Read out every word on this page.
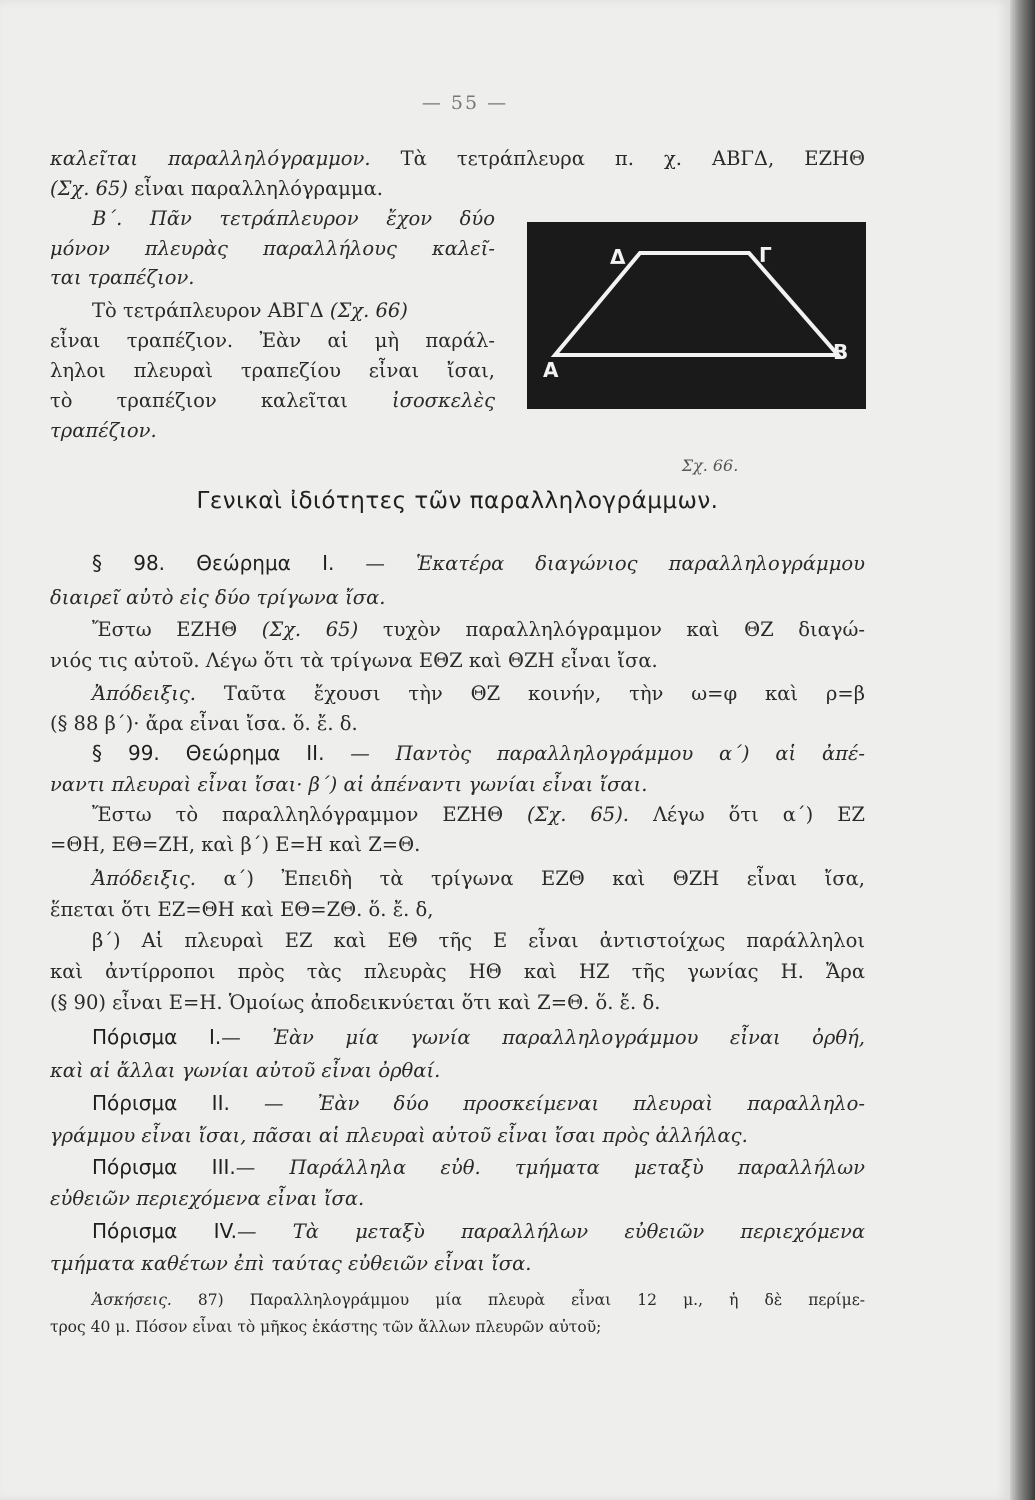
— 55 —
καλεῖται παραλληλόγραμμον. Τὰ τετράπλευρα π. χ. ΑΒΓΔ, ΕΖΗΘ
(Σχ. 65) εἶναι παραλληλόγραμμα.
Β΄. Πᾶν τετράπλευρον ἔχον δύο
μόνον πλευρὰς παραλλήλους καλεῖ-
ται τραπέζιον.
Τὸ τετράπλευρον ΑΒΓΔ (Σχ. 66)
εἶναι τραπέζιον. Ἐὰν αἱ μὴ παράλ-
ληλοι πλευραὶ τραπεζίου εἶναι ἴσαι,
τὸ τραπέζιον καλεῖται ἰσοσκελὲς
τραπέζιον.
Α
Β
Γ
Δ
Σχ. 66.
Γενικαὶ ἰδιότητες τῶν παραλληλογράμμων.
§ 98. Θεώρημα Ι. — Ἑκατέρα διαγώνιος παραλληλογράμμου
διαιρεῖ αὐτὸ εἰς δύο τρίγωνα ἴσα.
Ἔστω ΕΖΗΘ (Σχ. 65) τυχὸν παραλληλόγραμμον καὶ ΘΖ διαγώ-
νιός τις αὐτοῦ. Λέγω ὅτι τὰ τρίγωνα ΕΘΖ καὶ ΘΖΗ εἶναι ἴσα.
Ἀπόδειξις. Ταῦτα ἔχουσι τὴν ΘΖ κοινήν, τὴν ω=φ καὶ ρ=β
(§ 88 β΄)· ἄρα εἶναι ἴσα. ὅ. ἔ. δ.
§ 99. Θεώρημα ΙΙ. — Παντὸς παραλληλογράμμου α΄) αἱ ἀπέ-
ναντι πλευραὶ εἶναι ἴσαι· β΄) αἱ ἀπέναντι γωνίαι εἶναι ἴσαι.
Ἔστω τὸ παραλληλόγραμμον ΕΖΗΘ (Σχ. 65). Λέγω ὅτι α΄) ΕΖ
=ΘΗ, ΕΘ=ΖΗ, καὶ β΄) Ε=Η καὶ Ζ=Θ.
Ἀπόδειξις. α΄) Ἐπειδὴ τὰ τρίγωνα ΕΖΘ καὶ ΘΖΗ εἶναι ἴσα,
ἕπεται ὅτι ΕΖ=ΘΗ καὶ ΕΘ=ΖΘ. ὅ. ἔ. δ,
β΄) Αἱ πλευραὶ ΕΖ καὶ ΕΘ τῆς Ε εἶναι ἀντιστοίχως παράλληλοι
καὶ ἀντίρροποι πρὸς τὰς πλευρὰς ΗΘ καὶ ΗΖ τῆς γωνίας Η. Ἄρα
(§ 90) εἶναι Ε=Η. Ὁμοίως ἀποδεικνύεται ὅτι καὶ Ζ=Θ. ὅ. ἔ. δ.
Πόρισμα Ι.— Ἐὰν μία γωνία παραλληλογράμμου εἶναι ὀρθή,
καὶ αἱ ἄλλαι γωνίαι αὐτοῦ εἶναι ὀρθαί.
Πόρισμα ΙΙ. — Ἐὰν δύο προσκείμεναι πλευραὶ παραλληλο-
γράμμου εἶναι ἴσαι, πᾶσαι αἱ πλευραὶ αὐτοῦ εἶναι ἴσαι πρὸς ἀλλήλας.
Πόρισμα ΙΙΙ.— Παράλληλα εὐθ. τμήματα μεταξὺ παραλλήλων
εὐθειῶν περιεχόμενα εἶναι ἴσα.
Πόρισμα ΙV.— Τὰ μεταξὺ παραλλήλων εὐθειῶν περιεχόμενα
τμήματα καθέτων ἐπὶ ταύτας εὐθειῶν εἶναι ἴσα.
Ἀσκήσεις. 87) Παραλληλογράμμου μία πλευρὰ εἶναι 12 μ., ἡ δὲ περίμε-
τρος 40 μ. Πόσον εἶναι τὸ μῆκος ἑκάστης τῶν ἄλλων πλευρῶν αὐτοῦ;
